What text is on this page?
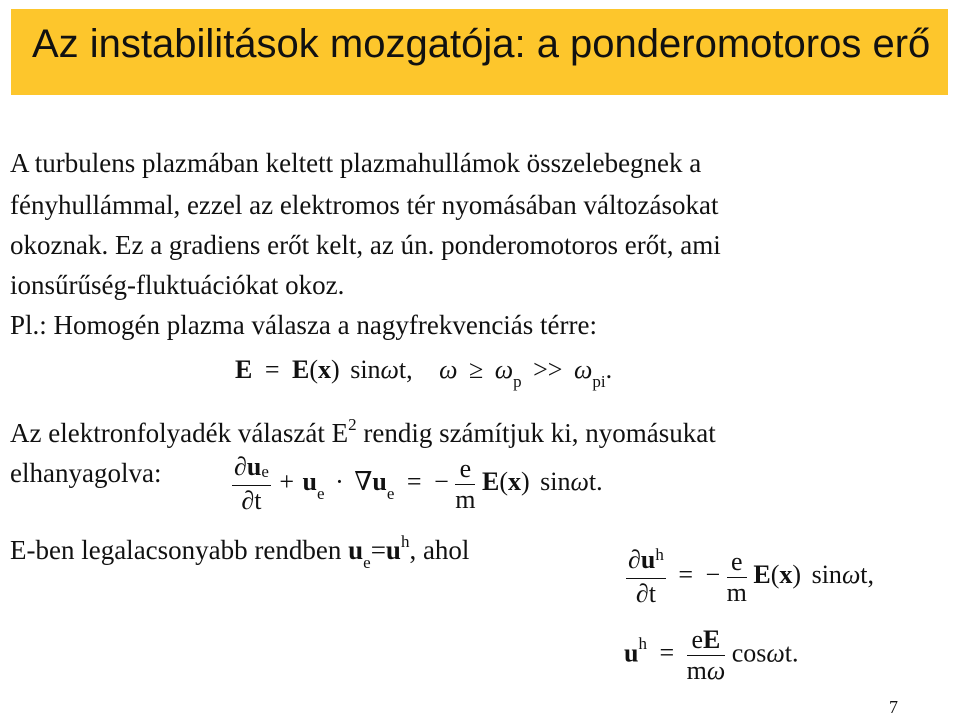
Az instabilitások mozgatója: a ponderomotoros erő
A turbulens plazmában keltett plazmahullámok összelebegnek a
fényhullámmal, ezzel az elektromos tér nyomásában változásokat
okoznak. Ez a gradiens erőt kelt, az ún. ponderomotoros erőt, ami
ionsűrűség-fluktuációkat okoz.
Pl.: Homogén plazma válasza a nagyfrekvenciás térre:
E = E(x) sinωt, $\omega \ge \omega_p >> \omega_{pi}$.
Az elektronfolyadék válaszát $E^2$ rendig számítjuk ki, nyomásukat
elhanyagolva:	$\frac{\partial ue}{\partial t} + u_e \cdot \nabla u_e$ = − $\frac{e}{m} E(x)$ sinωt.
E-ben legalacsonyabb rendben $u_e=u^h$, ahol	$\frac{\partial u^h}{\partial t}$ = − $\frac{e}{m} E(x)$ sinωt,
$u^h = \frac{eE}{m\omega} \cos\omega t$.
7
